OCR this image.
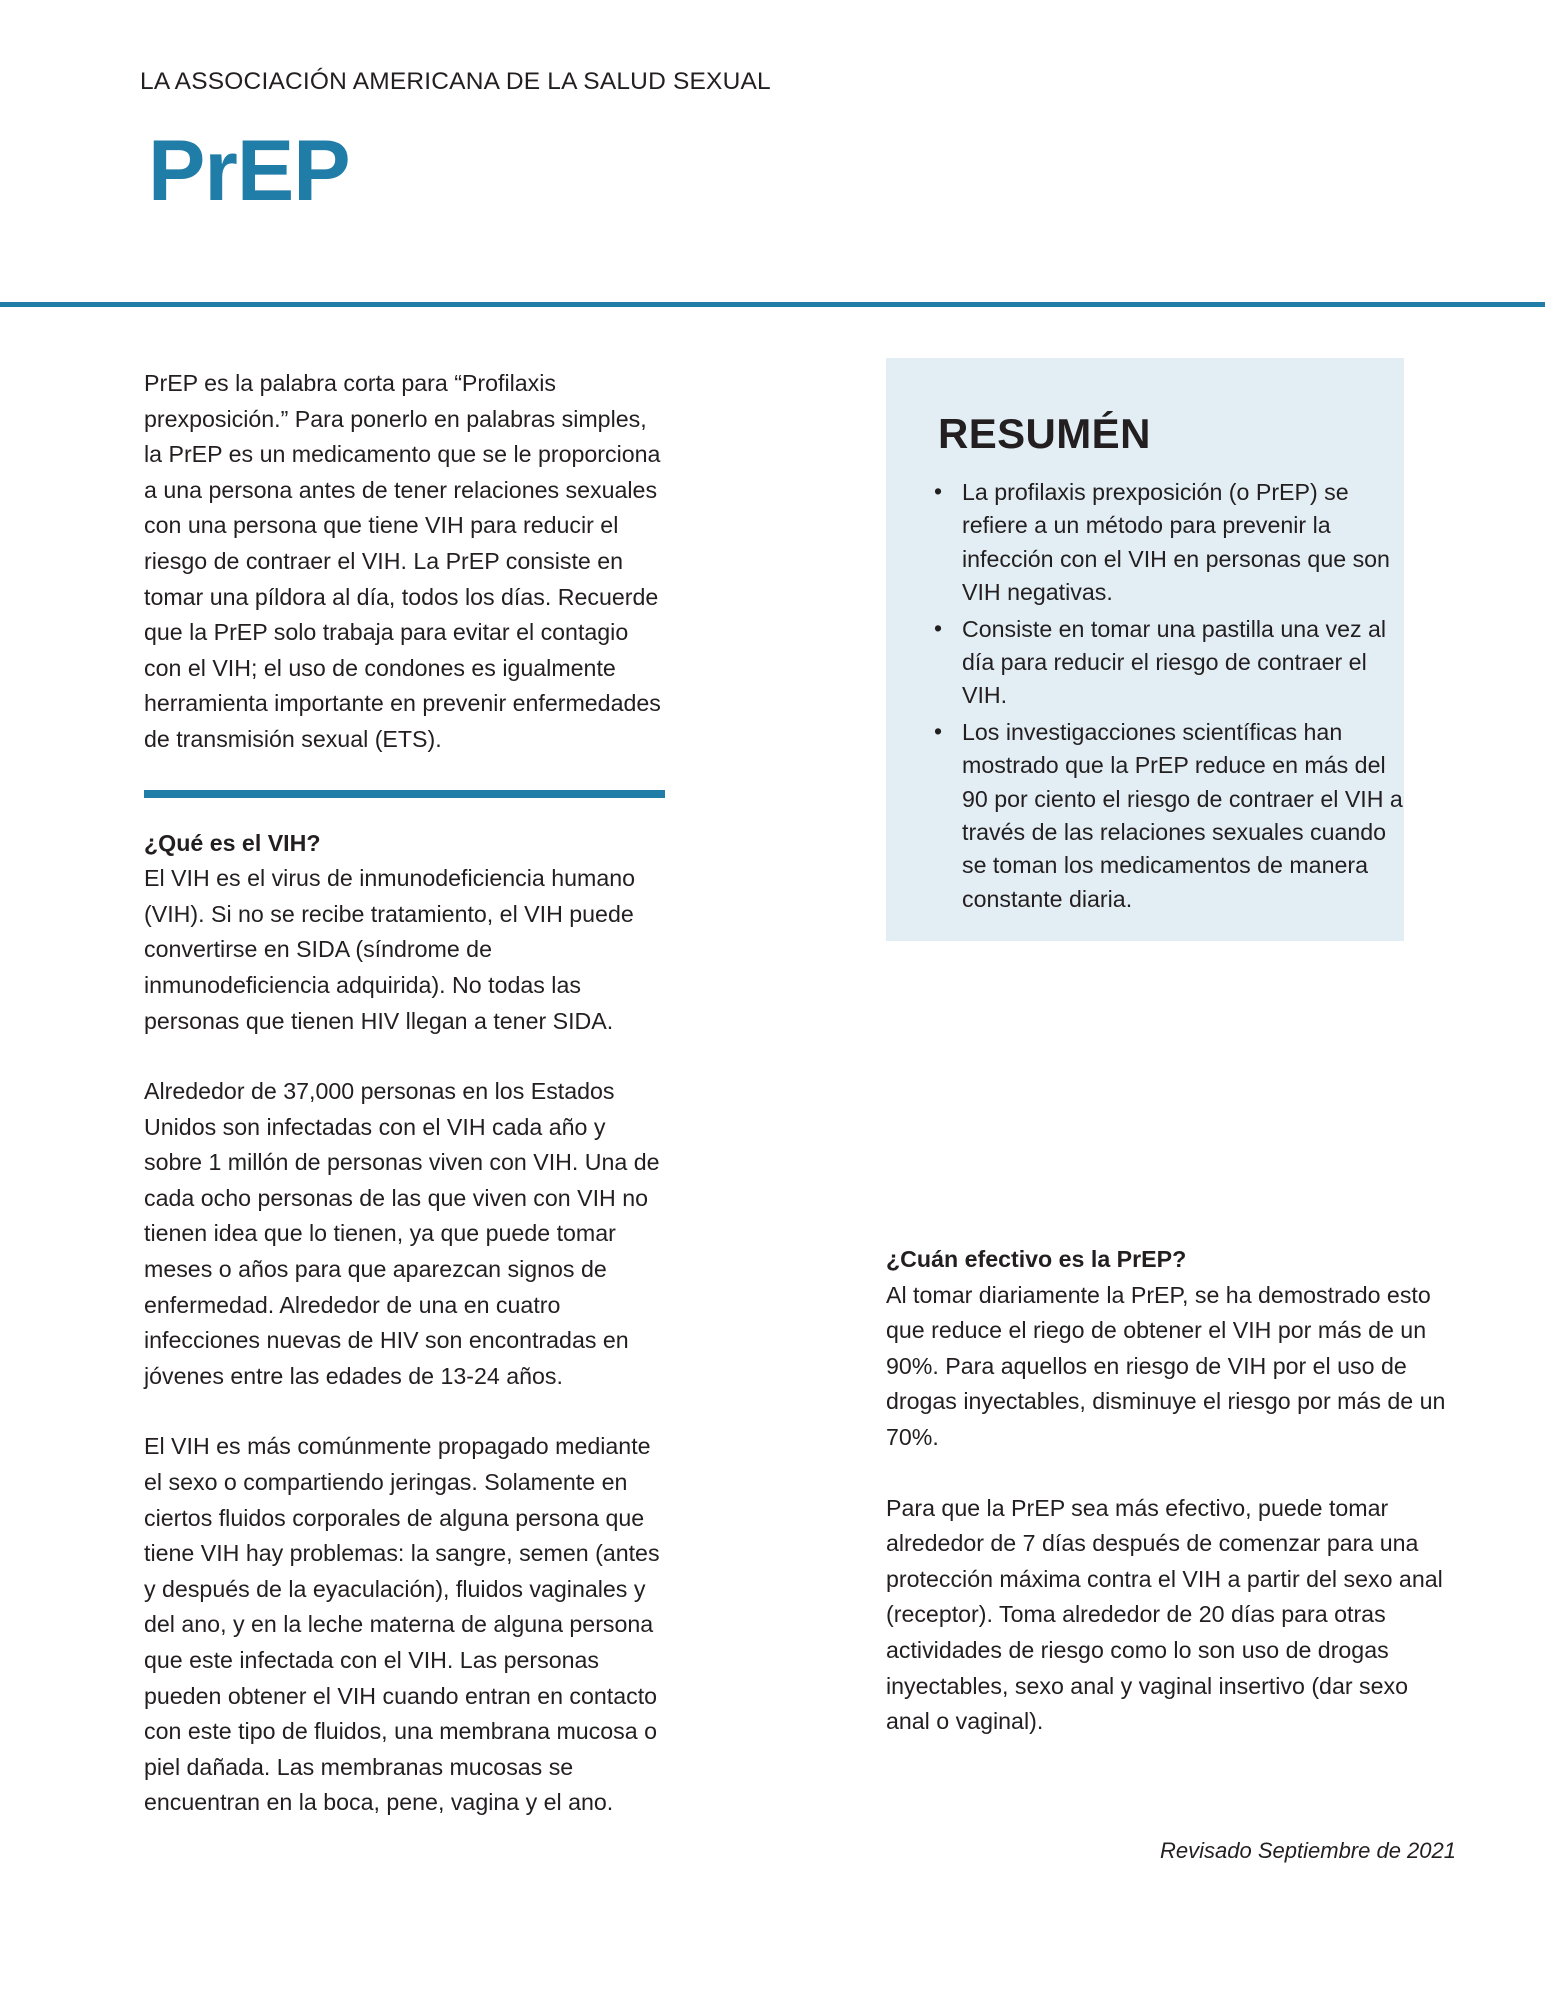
LA ASSOCIACIÓN AMERICANA DE LA SALUD SEXUAL
PrEP

PrEP es la palabra corta para “Profilaxis prexposición.” Para ponerlo en palabras simples, la PrEP es un medicamento que se le proporciona a una persona antes de tener relaciones sexuales con una persona que tiene VIH para reducir el riesgo de contraer el VIH. La PrEP consiste en tomar una píldora al día, todos los días. Recuerde que la PrEP solo trabaja para evitar el contagio con el VIH; el uso de condones es igualmente herramienta importante en prevenir enfermedades de transmisión sexual (ETS).

¿Qué es el VIH?

El VIH es el virus de inmunodeficiencia humano (VIH). Si no se recibe tratamiento, el VIH puede convertirse en SIDA (síndrome de inmunodeficiencia adquirida). No todas las personas que tienen HIV llegan a tener SIDA.

Alrededor de 37,000 personas en los Estados Unidos son infectadas con el VIH cada año y sobre 1 millón de personas viven con VIH. Una de cada ocho personas de las que viven con VIH no tienen idea que lo tienen, ya que puede tomar meses o años para que aparezcan signos de enfermedad. Alrededor de una en cuatro infecciones nuevas de HIV son encontradas en jóvenes entre las edades de 13-24 años.

El VIH es más comúnmente propagado mediante el sexo o compartiendo jeringas. Solamente en ciertos fluidos corporales de alguna persona que tiene VIH hay problemas: la sangre, semen (antes y después de la eyaculación), fluidos vaginales y del ano, y en la leche materna de alguna persona que este infectada con el VIH. Las personas pueden obtener el VIH cuando entran en contacto con este tipo de fluidos, una membrana mucosa o piel dañada. Las membranas mucosas se encuentran en la boca, pene, vagina y el ano.

RESUMÉN
• La profilaxis prexposición (o PrEP) se refiere a un método para prevenir la infección con el VIH en personas que son VIH negativas.
• Consiste en tomar una pastilla una vez al día para reducir el riesgo de contraer el VIH.
• Los investigacciones scientíficas han mostrado que la PrEP reduce en más del 90 por ciento el riesgo de contraer el VIH a través de las relaciones sexuales cuando se toman los medicamentos de manera constante diaria.
¿Cuán efectivo es la PrEP?

Al tomar diariamente la PrEP, se ha demostrado esto que reduce el riego de obtener el VIH por más de un 90%. Para aquellos en riesgo de VIH por el uso de drogas inyectables, disminuye el riesgo por más de un 70%.

Para que la PrEP sea más efectivo, puede tomar alrededor de 7 días después de comenzar para una protección máxima contra el VIH a partir del sexo anal (receptor). Toma alrededor de 20 días para otras actividades de riesgo como lo son uso de drogas inyectables, sexo anal y vaginal insertivo (dar sexo anal o vaginal).

Revisado Septiembre de 2021
